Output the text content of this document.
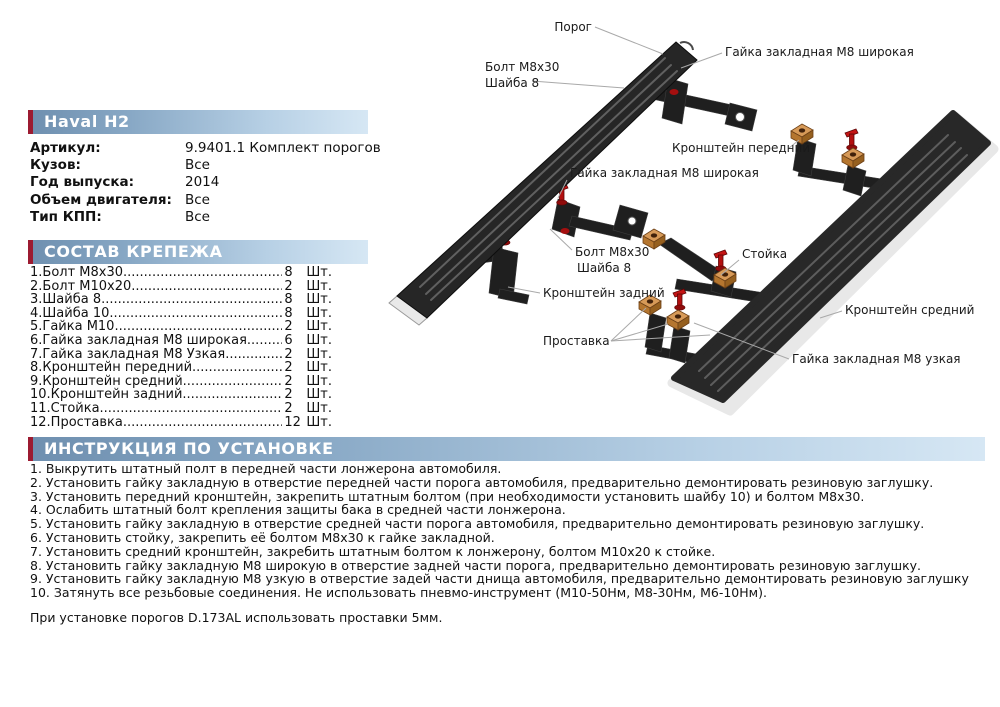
Порог
Гайка закладная М8 широкая
Болт М8х30
Шайба 8
Кронштейн передний
Гайка закладная М8 широкая
Болт М8х30
Шайба 8
Стойка
Кронштейн задний
Кронштейн средний
Проставка
Гайка закладная М8 узкая
Haval H2
Артикул:	9.9401.1 Комплект порогов
Кузов:	Все
Год выпуска:	2014
Объем двигателя: Все
Тип КПП:	Все
СОСТАВ КРЕПЕЖА
1.Болт М8х30 .....	8	Шт.
2.Болт М10х20 .....	2	Шт.
3.Шайба 8 .....	8	Шт.
4.Шайба 10 .....	8	Шт.
5.Гайка М10 .....	2	Шт.
6.Гайка закладная М8 широкая .....	6	Шт.
7.Гайка закладная М8 Узкая .....	2	Шт.
8.Кронштейн передний .....	2	Шт.
9.Кронштейн средний .....	2	Шт.
10.Кронштейн задний .....	2	Шт.
11.Стойка .....	2	Шт.
12.Проставка .....	12 Шт.
ИНСТРУКЦИЯ ПО УСТАНОВКЕ
1. Выкрутить штатный полт в передней части лонжерона автомобиля.
2. Установить гайку закладную в отверстие передней части порога автомобиля, предварительно демонтировать резиновую заглушку.
3. Установить передний кронштейн, закрепить штатным болтом (при необходимости установить шайбу 10) и болтом М8х30.
4. Ослабить штатный болт крепления защиты бака в средней части лонжерона.
5. Установить гайку закладную в отверстие средней части порога автомобиля, предварительно демонтировать резиновую заглушку.
6. Установить стойку, закрепить её болтом М8х30 к гайке закладной.
7. Установить средний кронштейн, закребить штатным болтом к лонжерону, болтом М10х20 к стойке.
8. Установить гайку закладную М8 широкую в отверстие задней части порога, предварительно демонтировать резиновую заглушку.
9. Установить гайку закладную М8 узкую в отверстие задей части днища автомобиля, предварительно демонтировать резиновую заглушку
10. Затянуть все резьбовые соединения. Не использовать пневмо-инструмент (М10-50Нм, М8-30Нм, М6-10Нм).
При установке порогов D.173AL использовать проставки 5мм.
